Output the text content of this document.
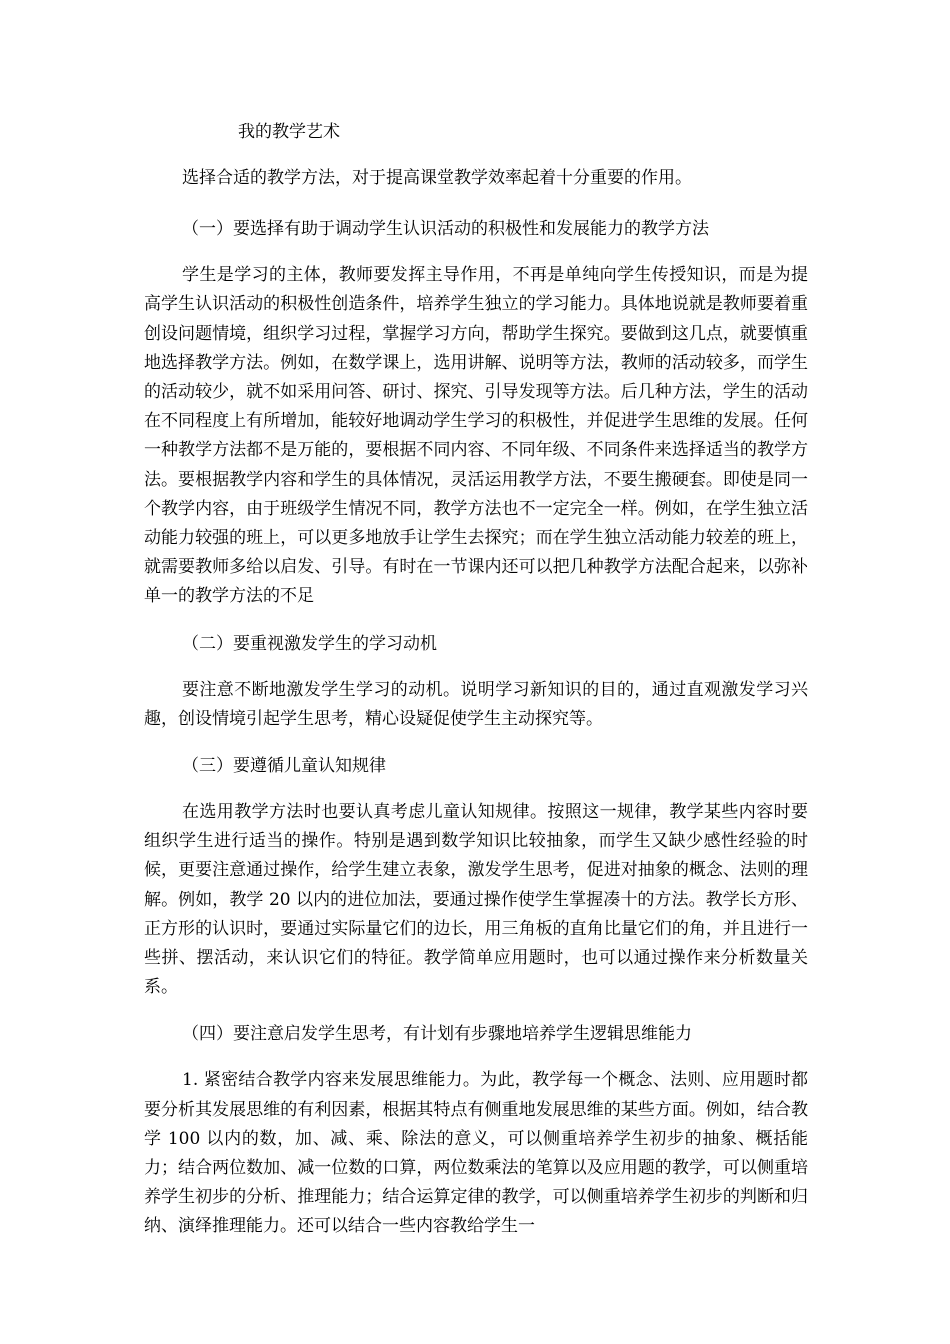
我的教学艺术

选择合适的教学方法，对于提高课堂教学效率起着十分重要的作用。

（一）要选择有助于调动学生认识活动的积极性和发展能力的教学方法

学生是学习的主体，教师要发挥主导作用，不再是单纯向学生传授知识，而是为提高学生认识活动的积极性创造条件，培养学生独立的学习能力。具体地说就是教师要着重创设问题情境，组织学习过程，掌握学习方向，帮助学生探究。要做到这几点，就要慎重地选择教学方法。例如，在数学课上，选用讲解、说明等方法，教师的活动较多，而学生的活动较少，就不如采用问答、研讨、探究、引导发现等方法。后几种方法，学生的活动在不同程度上有所增加，能较好地调动学生学习的积极性，并促进学生思维的发展。任何一种教学方法都不是万能的，要根据不同内容、不同年级、不同条件来选择适当的教学方法。要根据教学内容和学生的具体情况，灵活运用教学方法，不要生搬硬套。即使是同一个教学内容，由于班级学生情况不同，教学方法也不一定完全一样。例如，在学生独立活动能力较强的班上，可以更多地放手让学生去探究；而在学生独立活动能力较差的班上，就需要教师多给以启发、引导。有时在一节课内还可以把几种教学方法配合起来，以弥补单一的教学方法的不足

（二）要重视激发学生的学习动机

要注意不断地激发学生学习的动机。说明学习新知识的目的，通过直观激发学习兴趣，创设情境引起学生思考，精心设疑促使学生主动探究等。

（三）要遵循儿童认知规律

在选用教学方法时也要认真考虑儿童认知规律。按照这一规律，教学某些内容时要组织学生进行适当的操作。特别是遇到数学知识比较抽象，而学生又缺少感性经验的时候，更要注意通过操作，给学生建立表象，激发学生思考，促进对抽象的概念、法则的理解。例如，教学 20 以内的进位加法，要通过操作使学生掌握凑十的方法。教学长方形、正方形的认识时，要通过实际量它们的边长，用三角板的直角比量它们的角，并且进行一些拼、摆活动，来认识它们的特征。教学简单应用题时，也可以通过操作来分析数量关系。

（四）要注意启发学生思考，有计划有步骤地培养学生逻辑思维能力

1. 紧密结合教学内容来发展思维能力。为此，教学每一个概念、法则、应用题时都要分析其发展思维的有利因素，根据其特点有侧重地发展思维的某些方面。例如，结合教学 100 以内的数，加、减、乘、除法的意义，可以侧重培养学生初步的抽象、概括能力；结合两位数加、减一位数的口算，两位数乘法的笔算以及应用题的教学，可以侧重培养学生初步的分析、推理能力；结合运算定律的教学，可以侧重培养学生初步的判断和归纳、演绎推理能力。还可以结合一些内容教给学生一
